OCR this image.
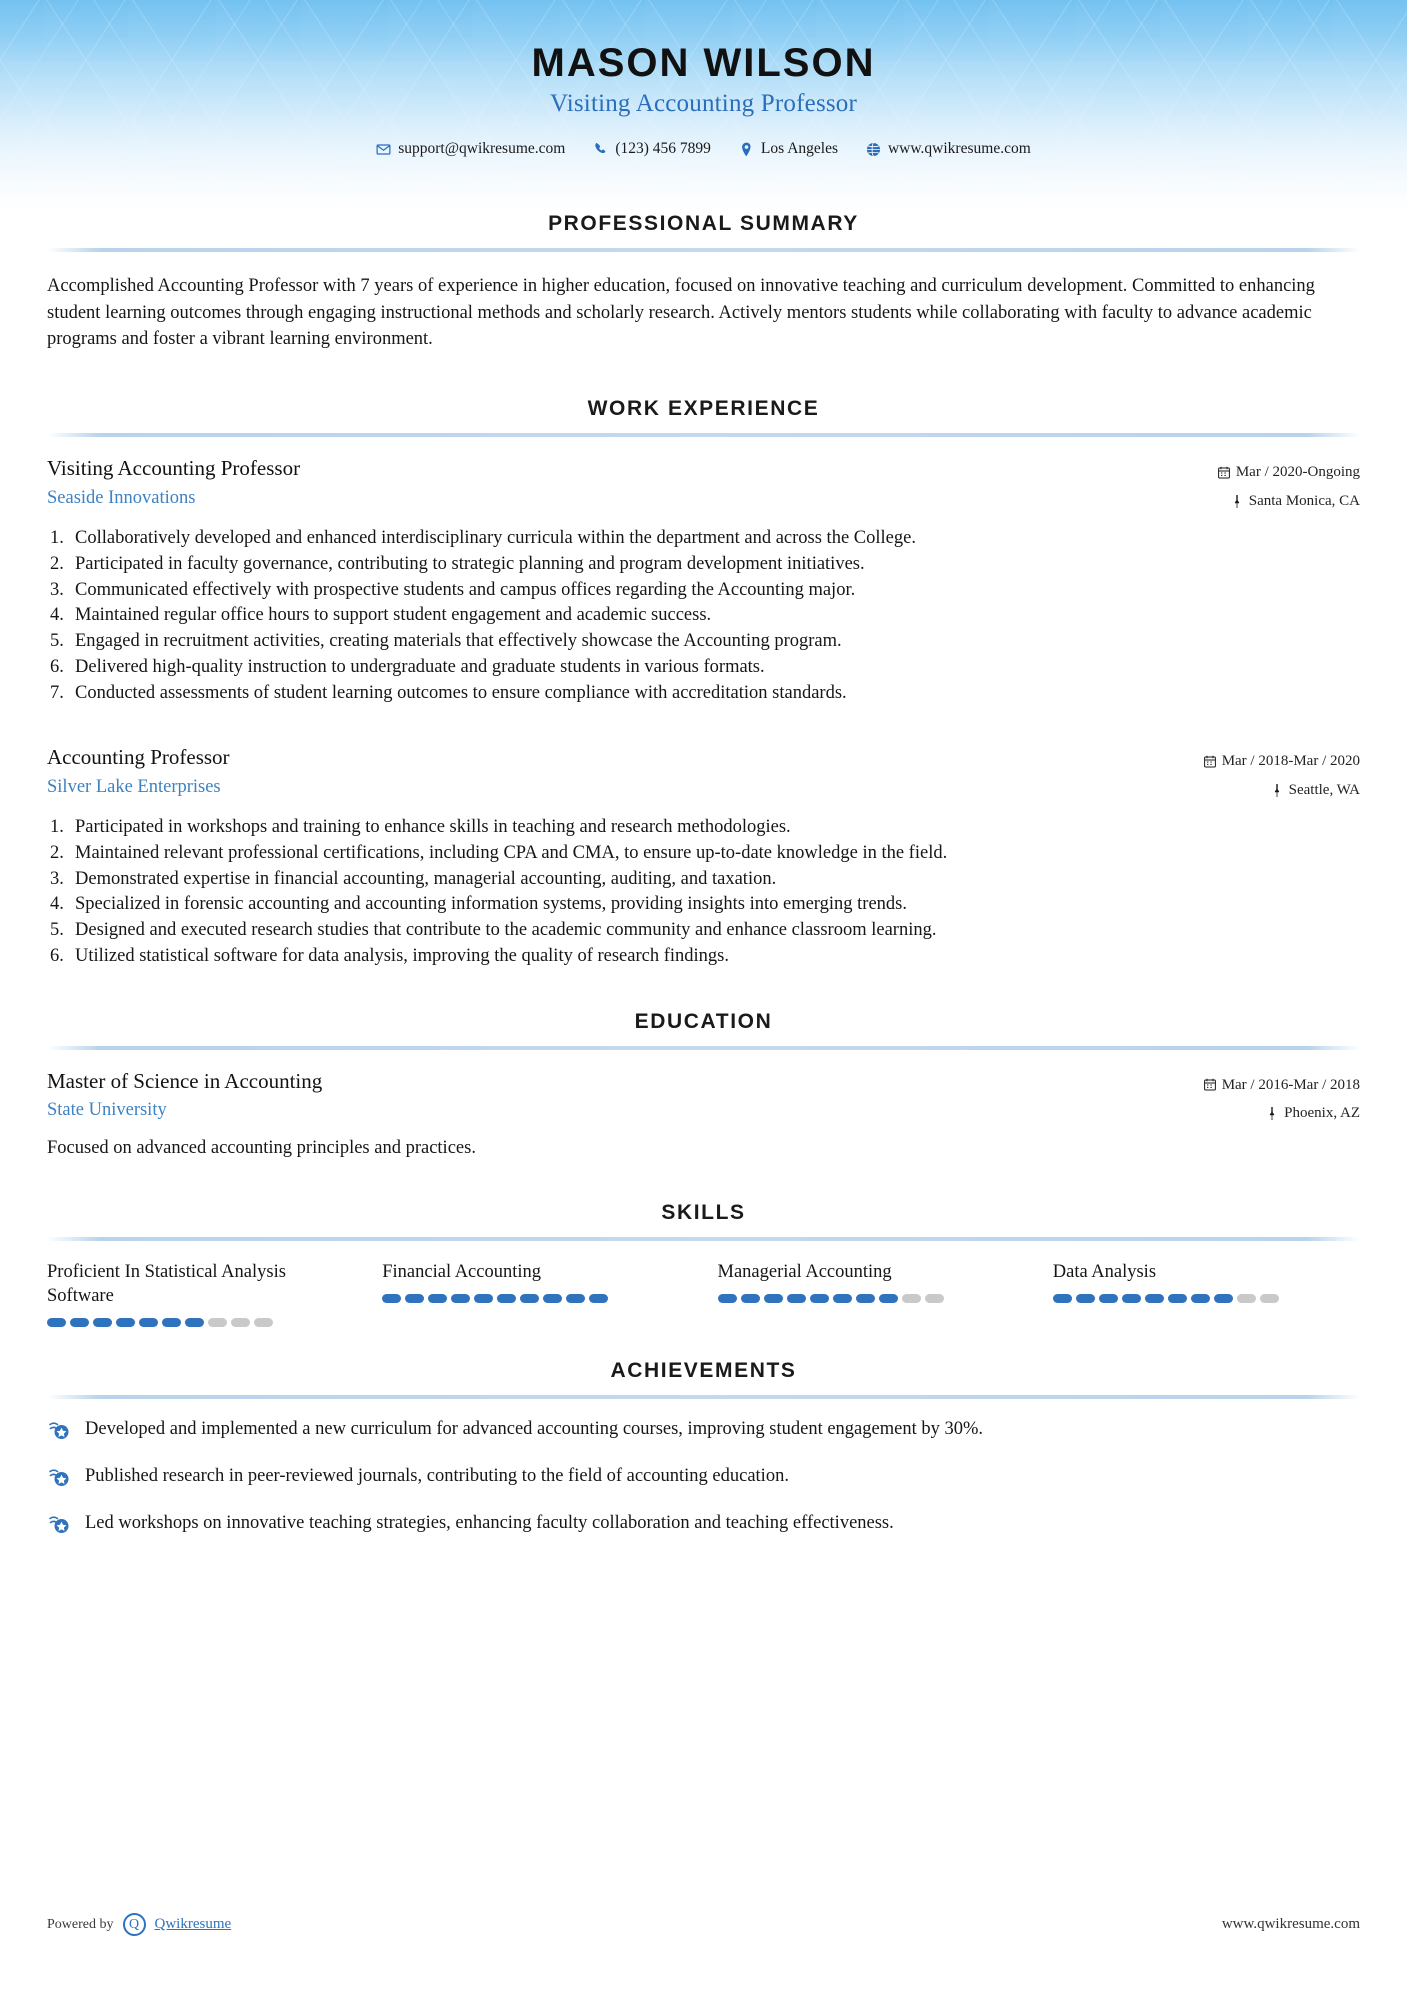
MASON WILSON
Visiting Accounting Professor
support@qwikresume.com	(123) 456 7899	Los Angeles	www.qwikresume.com
PROFESSIONAL SUMMARY

Accomplished Accounting Professor with 7 years of experience in higher education, focused on innovative teaching and curriculum development. Committed to enhancing student learning outcomes through engaging instructional methods and scholarly research. Actively mentors students while collaborating with faculty to advance academic programs and foster a vibrant learning environment.

WORK EXPERIENCE
Visiting Accounting Professor
Seaside Innovations
Mar / 2020-Ongoing
Santa Monica, CA
Collaboratively developed and enhanced interdisciplinary curricula within the department and across the College.
Participated in faculty governance, contributing to strategic planning and program development initiatives.
Communicated effectively with prospective students and campus offices regarding the Accounting major.
Maintained regular office hours to support student engagement and academic success.
Engaged in recruitment activities, creating materials that effectively showcase the Accounting program.
Delivered high-quality instruction to undergraduate and graduate students in various formats.
Conducted assessments of student learning outcomes to ensure compliance with accreditation standards.
Accounting Professor
Silver Lake Enterprises
Mar / 2018-Mar / 2020
Seattle, WA
Participated in workshops and training to enhance skills in teaching and research methodologies.
Maintained relevant professional certifications, including CPA and CMA, to ensure up-to-date knowledge in the field.
Demonstrated expertise in financial accounting, managerial accounting, auditing, and taxation.
Specialized in forensic accounting and accounting information systems, providing insights into emerging trends.
Designed and executed research studies that contribute to the academic community and enhance classroom learning.
Utilized statistical software for data analysis, improving the quality of research findings.
EDUCATION
Master of Science in Accounting
State University
Mar / 2016-Mar / 2018
Phoenix, AZ
Focused on advanced accounting principles and practices.
SKILLS
Proficient In Statistical Analysis Software
Financial Accounting	Managerial Accounting	Data Analysis
ACHIEVEMENTS
Developed and implemented a new curriculum for advanced accounting courses, improving student engagement by 30%.
Published research in peer-reviewed journals, contributing to the field of accounting education.
Led workshops on innovative teaching strategies, enhancing faculty collaboration and teaching effectiveness.
Powered by	Q	Qwikresume	www.qwikresume.com
